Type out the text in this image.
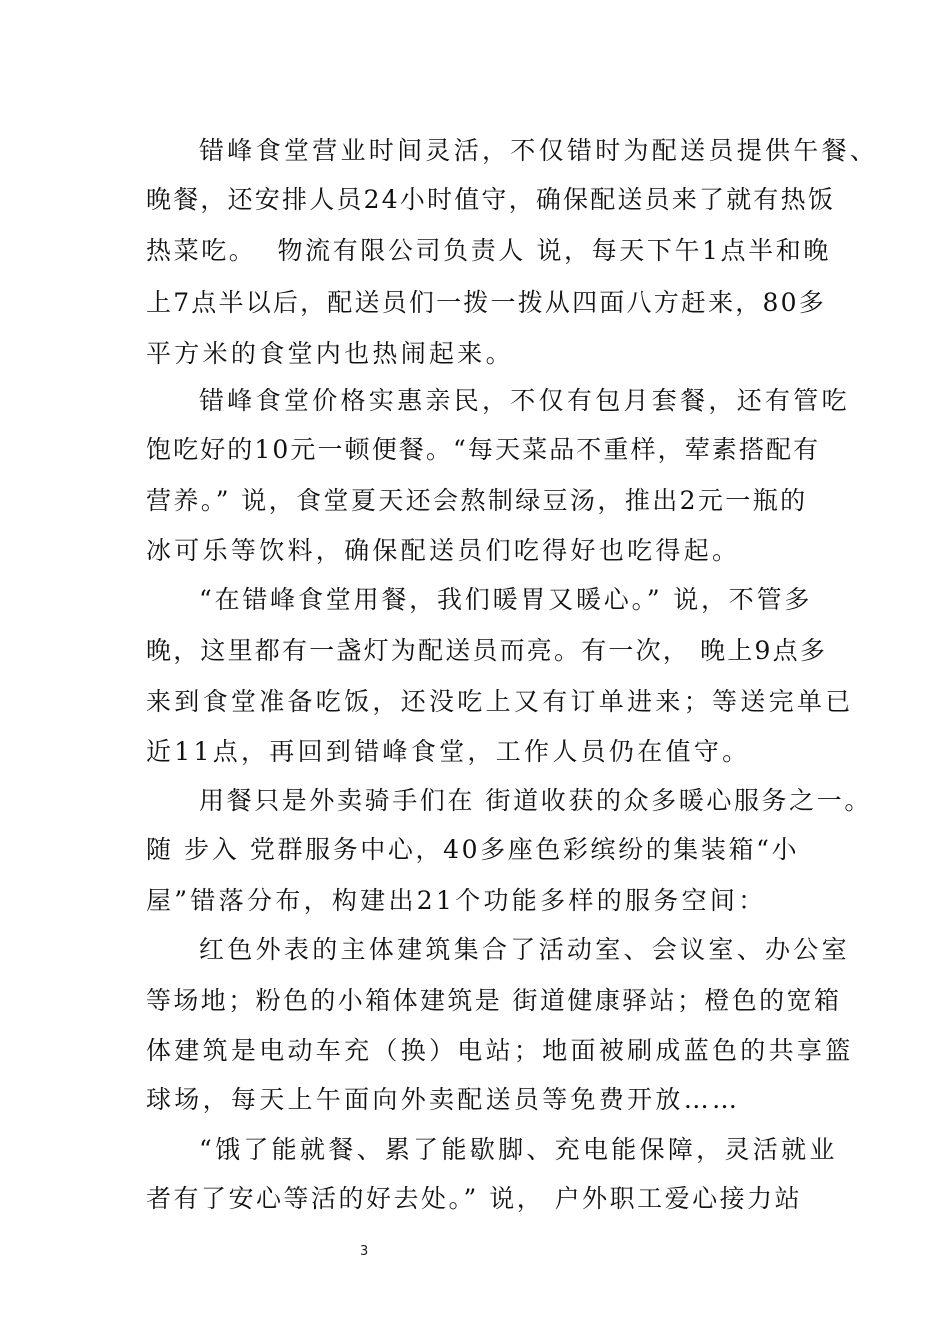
错峰食堂营业时间灵活，不仅错时为配送员提供午餐、
晚餐，还安排人员24小时值守，确保配送员来了就有热饭
热菜吃。  物流有限公司负责人 说，每天下午1点半和晚
上7点半以后，配送员们一拨一拨从四面八方赶来，80多
平方米的食堂内也热闹起来。
错峰食堂价格实惠亲民，不仅有包月套餐，还有管吃
饱吃好的10元一顿便餐。“每天菜品不重样，荤素搭配有
营养。” 说，食堂夏天还会熬制绿豆汤，推出2元一瓶的
冰可乐等饮料，确保配送员们吃得好也吃得起。
“在错峰食堂用餐，我们暖胃又暖心。” 说，不管多
晚，这里都有一盏灯为配送员而亮。有一次， 晚上9点多
来到食堂准备吃饭，还没吃上又有订单进来；等送完单已
近11点，再回到错峰食堂，工作人员仍在值守。
用餐只是外卖骑手们在 街道收获的众多暖心服务之一。
随 步入 党群服务中心，40多座色彩缤纷的集装箱“小
屋”错落分布，构建出21个功能多样的服务空间：
红色外表的主体建筑集合了活动室、会议室、办公室
等场地；粉色的小箱体建筑是 街道健康驿站；橙色的宽箱
体建筑是电动车充（换）电站；地面被刷成蓝色的共享篮
球场，每天上午面向外卖配送员等免费开放……
“饿了能就餐、累了能歇脚、充电能保障，灵活就业
者有了安心等活的好去处。” 说， 户外职工爱心接力站
3
